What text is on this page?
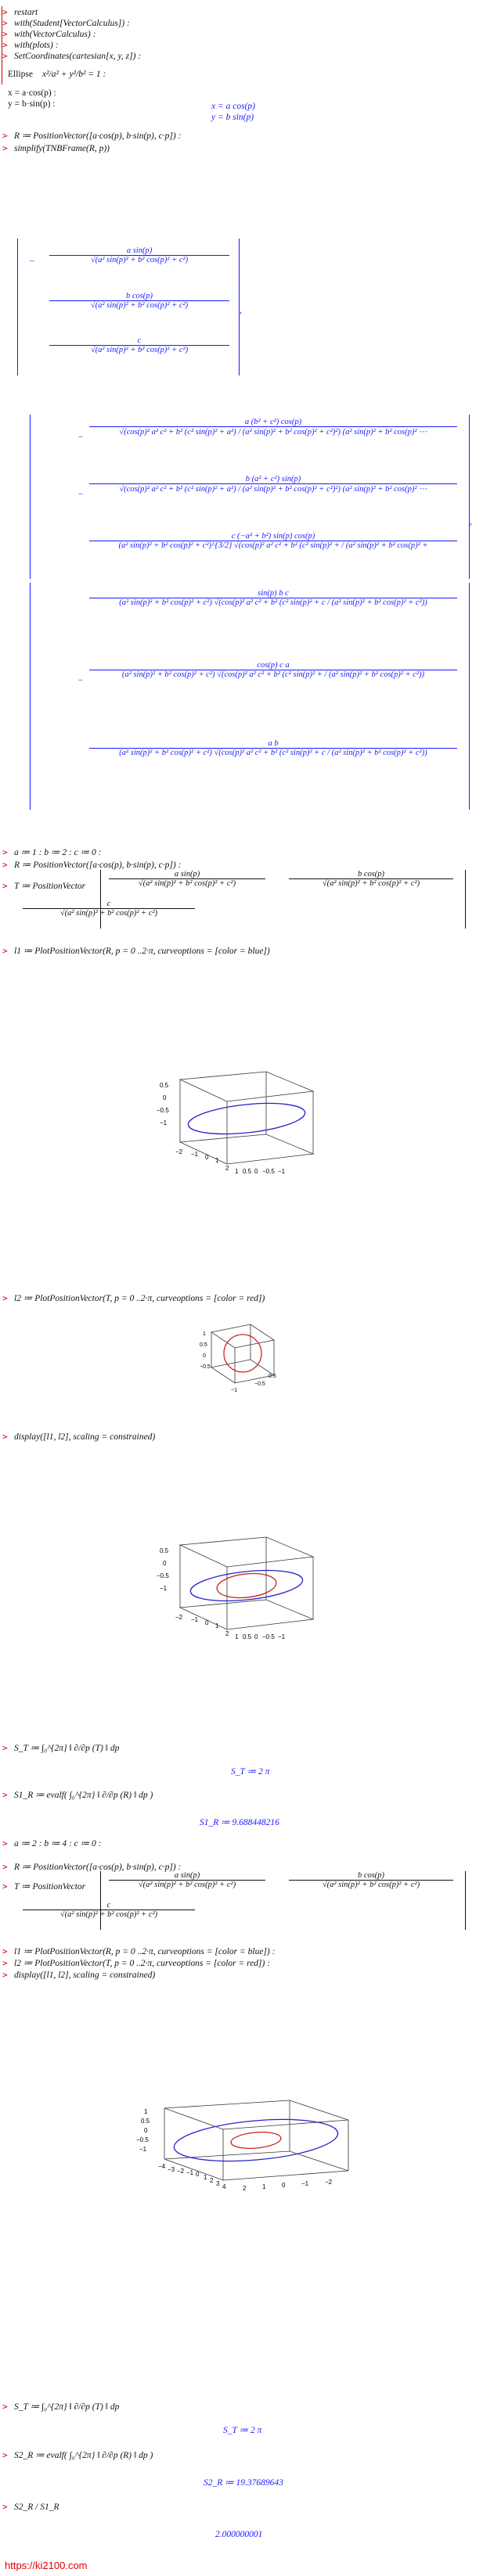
>
restart
>
with(Student[VectorCalculus]) :
>
with(VectorCalculus) :
>
with(plots) :
>
SetCoordinates(cartesian[x, y, z]) :
Ellipse x²/a² + y²/b² = 1 :
x = a·cos(p) :
y = b·sin(p) :	x = a cos(p)
y = b sin(p)
>
R ≔ PositionVector([a·cos(p), b·sin(p), c·p]) :
>
simplify(TNBFrame(R, p))
$\frac{\text{a sin(p)}}{\text{√(a² sin(p)² + b² cos(p)² + c²)}}$
−
$\frac{\text{b cos(p)}}{\text{√(a² sin(p)² + b² cos(p)² + c²)}}$
$\frac{c}{\text{√(a² sin(p)² + b² cos(p)² + c²)}}$
,
−
a (b² + c²) cos(p)
√(cos(p)² a² c² + b² (c² sin(p)² + a²) / (a² sin(p)² + b² cos(p)² + c²)²) (a² sin(p)² + b² cos(p)² ⋯
−
b (a² + c²) sin(p)
√(cos(p)² a² c² + b² (c² sin(p)² + a²) / (a² sin(p)² + b² cos(p)² + c²)²) (a² sin(p)² + b² cos(p)² ⋯
c (−a² + b²) sin(p) cos(p)
(a² sin(p)² + b² cos(p)² + c²)^{3/2} √(cos(p)² a² c² + b² (c² sin(p)² + / (a² sin(p)² + b² cos(p)² +
,
sin(p) b c
(a² sin(p)² + b² cos(p)² + c²) √(cos(p)² a² c² + b² (c² sin(p)² + c / (a² sin(p)² + b² cos(p)² + c²))
−
cos(p) c a
(a² sin(p)² + b² cos(p)² + c²) √(cos(p)² a² c² + b² (c² sin(p)² + / (a² sin(p)² + b² cos(p)² + c²))
a b
(a² sin(p)² + b² cos(p)² + c²) √(cos(p)² a² c² + b² (c² sin(p)² + c / (a² sin(p)² + b² cos(p)² + c²))
>
a ≔ 1 : b ≔ 2 : c ≔ 0 :
>
R ≔ PositionVector([a·cos(p), b·sin(p), c·p]) :
>
T ≔ PositionVector	$\frac{\text{a sin(p)}}{\text{√(a² sin(p)² + b² cos(p)² + c²)}}$	$\frac{\text{b cos(p)}}{\text{√(a² sin(p)² + b² cos(p)² + c²)}}$
$\frac{c}{\text{√(a² sin(p)² + b² cos(p)² + c²)}}$
>
l1 ≔ PlotPositionVector(R, p = 0 ..2·π, curveoptions = [color = blue])
0.5
0
−0.5
−1
−2 −1 0 1
2 1 0.5 0 −0.5 −1
>
l2 ≔ PlotPositionVector(T, p = 0 ..2·π, curveoptions = [color = red])
1
0.5
0
−0.5
−1
−0.5
0.5
>
display([l1, l2], scaling = constrained)
0.5
0
−0.5
−1
−2 −1 0 1
2 1 0.5 0 −0.5 −1
>
S_T ≔ ∫₀^{2π} ‖ ∂/∂p (T) ‖ dp
S_T ≔ 2 π
>
S1_R ≔ evalf( ∫₀^{2π} ‖ ∂/∂p (R) ‖ dp )
S1_R ≔ 9.688448216
>
a ≔ 2 : b ≔ 4 : c ≔ 0 :
>
R ≔ PositionVector([a·cos(p), b·sin(p), c·p]) :
>
T ≔ PositionVector	$\frac{\text{a sin(p)}}{\text{√(a² sin(p)² + b² cos(p)² + c²)}}$	$\frac{\text{b cos(p)}}{\text{√(a² sin(p)² + b² cos(p)² + c²)}}$
$\frac{c}{\text{√(a² sin(p)² + b² cos(p)² + c²)}}$
>
l1 ≔ PlotPositionVector(R, p = 0 ..2·π, curveoptions = [color = blue]) :
>
l2 ≔ PlotPositionVector(T, p = 0 ..2·π, curveoptions = [color = red]) :
>
display([l1, l2], scaling = constrained)
1
0.5
0
−0.5
−1
−4 −3 −2 −1 0 1 2 3 4	2	1	0	−1	−2
>
S_T ≔ ∫₀^{2π} ‖ ∂/∂p (T) ‖ dp
S_T ≔ 2 π
>
S2_R ≔ evalf( ∫₀^{2π} ‖ ∂/∂p (R) ‖ dp )
S2_R ≔ 19.37689643
>
S2_R / S1_R
2.000000001
https://ki2100.com
